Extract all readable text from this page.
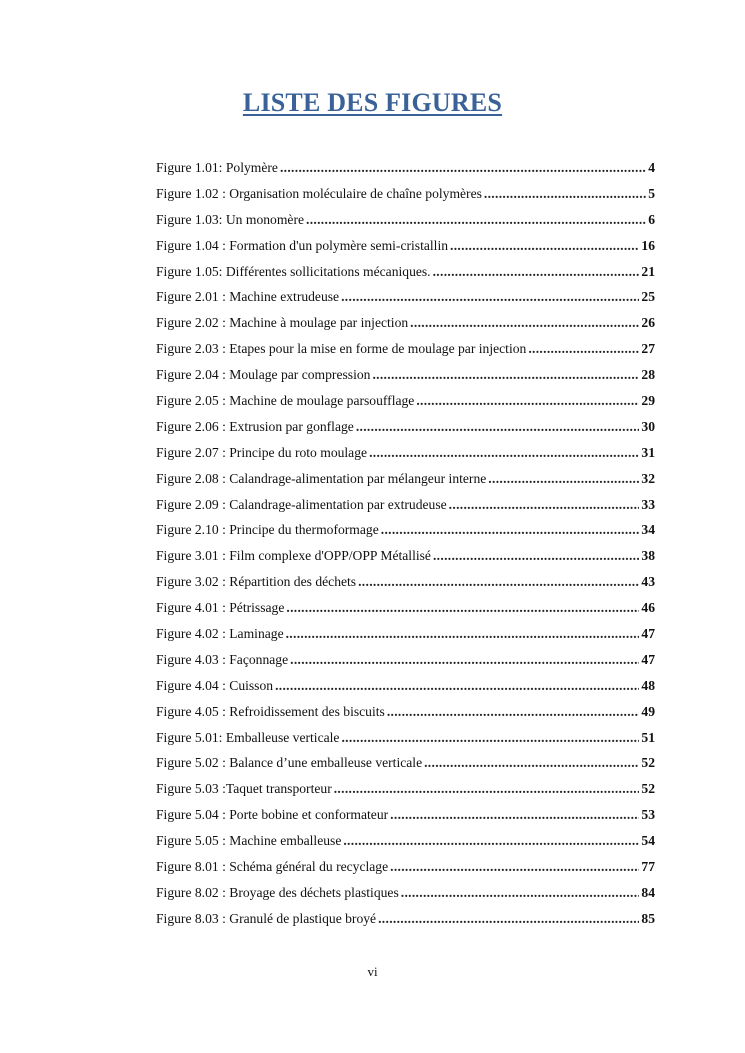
LISTE DES FIGURES
Figure 1.01: Polymère .....	4
Figure 1.02 : Organisation moléculaire de chaîne polymères .....	5
Figure 1.03: Un monomère .....	6
Figure 1.04 : Formation d'un polymère semi-cristallin .....	16
Figure 1.05: Différentes sollicitations mécaniques. .....	21
Figure 2.01 : Machine extrudeuse .....	25
Figure 2.02 : Machine à moulage par injection .....	26
Figure 2.03 : Etapes pour la mise en forme de moulage par injection .....	27
Figure 2.04 : Moulage par compression .....	28
Figure 2.05 : Machine de moulage parsoufflage .....	29
Figure 2.06 : Extrusion par gonflage .....	30
Figure 2.07 : Principe du roto moulage .....	31
Figure 2.08 : Calandrage-alimentation par mélangeur interne .....	32
Figure 2.09 : Calandrage-alimentation par extrudeuse .....	33
Figure 2.10 : Principe du thermoformage .....	34
Figure 3.01 : Film complexe d'OPP/OPP Métallisé .....	38
Figure 3.02 : Répartition des déchets .....	43
Figure 4.01 : Pétrissage .....	46
Figure 4.02 : Laminage .....	47
Figure 4.03 : Façonnage .....	47
Figure 4.04 : Cuisson .....	48
Figure 4.05 : Refroidissement des biscuits .....	49
Figure 5.01: Emballeuse verticale .....	51
Figure 5.02 : Balance d’une emballeuse verticale .....	52
Figure 5.03 :Taquet transporteur .....	52
Figure 5.04 : Porte bobine et conformateur .....	53
Figure 5.05 : Machine emballeuse .....	54
Figure 8.01 : Schéma général du recyclage .....	77
Figure 8.02 : Broyage des déchets plastiques .....	84
Figure 8.03 : Granulé de plastique broyé .....	85

vi
